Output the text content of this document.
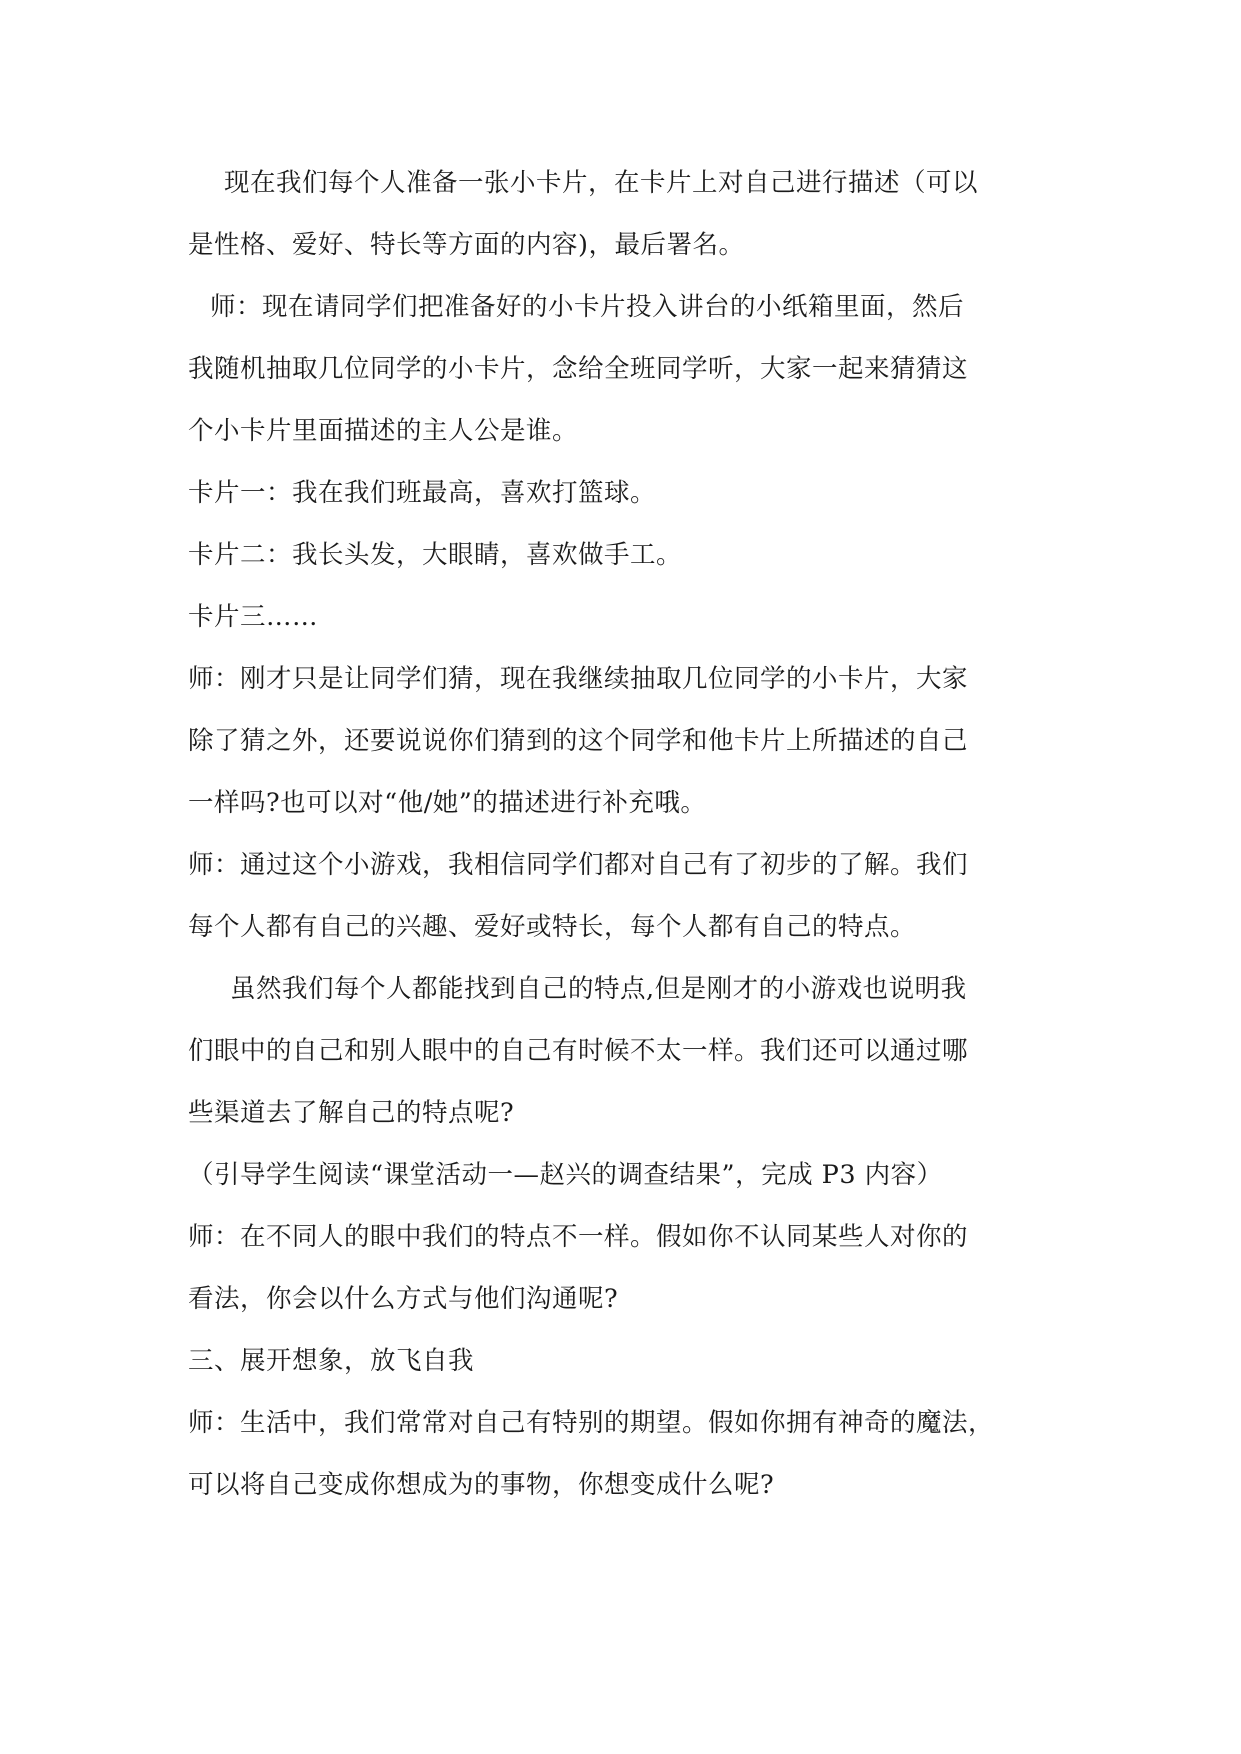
现在我们每个人准备一张小卡片，在卡片上对自己进行描述（可以
是性格、爱好、特长等方面的内容)，最后署名。
师：现在请同学们把准备好的小卡片投入讲台的小纸箱里面，然后
我随机抽取几位同学的小卡片，念给全班同学听，大家一起来猜猜这
个小卡片里面描述的主人公是谁。
卡片一：我在我们班最高，喜欢打篮球。
卡片二：我长头发，大眼睛，喜欢做手工。
卡片三……
师：刚才只是让同学们猜，现在我继续抽取几位同学的小卡片，大家
除了猜之外，还要说说你们猜到的这个同学和他卡片上所描述的自己
一样吗?也可以对“他/她”的描述进行补充哦。
师：通过这个小游戏，我相信同学们都对自己有了初步的了解。我们
每个人都有自己的兴趣、爱好或特长，每个人都有自己的特点。
虽然我们每个人都能找到自己的特点,但是刚才的小游戏也说明我
们眼中的自己和别人眼中的自己有时候不太一样。我们还可以通过哪
些渠道去了解自己的特点呢?
（引导学生阅读“课堂活动一—赵兴的调查结果”，完成 P3 内容）
师：在不同人的眼中我们的特点不一样。假如你不认同某些人对你的
看法，你会以什么方式与他们沟通呢?
三、展开想象，放飞自我
师：生活中，我们常常对自己有特别的期望。假如你拥有神奇的魔法，
可以将自己变成你想成为的事物，你想变成什么呢?
